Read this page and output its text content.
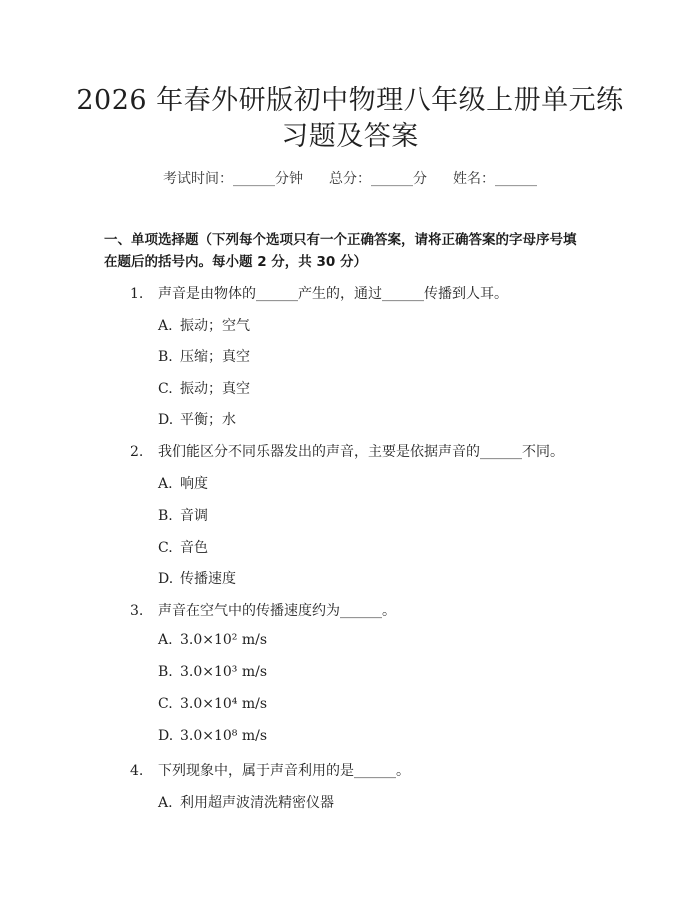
2026 年春外研版初中物理八年级上册单元练
习题及答案
考试时间：______分钟 总分：______分 姓名：______
一、单项选择题（下列每个选项只有一个正确答案，请将正确答案的字母序号填
在题后的括号内。每小题 2 分，共 30 分）
1. 声音是由物体的______产生的，通过______传播到人耳。
A. 振动；空气
B. 压缩；真空
C. 振动；真空
D. 平衡；水
2. 我们能区分不同乐器发出的声音，主要是依据声音的______不同。
A. 响度
B. 音调
C. 音色
D. 传播速度
3. 声音在空气中的传播速度约为______。
A. 3.0×10² m/s
B. 3.0×10³ m/s
C. 3.0×10⁴ m/s
D. 3.0×10⁸ m/s
4. 下列现象中，属于声音利用的是______。
A. 利用超声波清洗精密仪器
